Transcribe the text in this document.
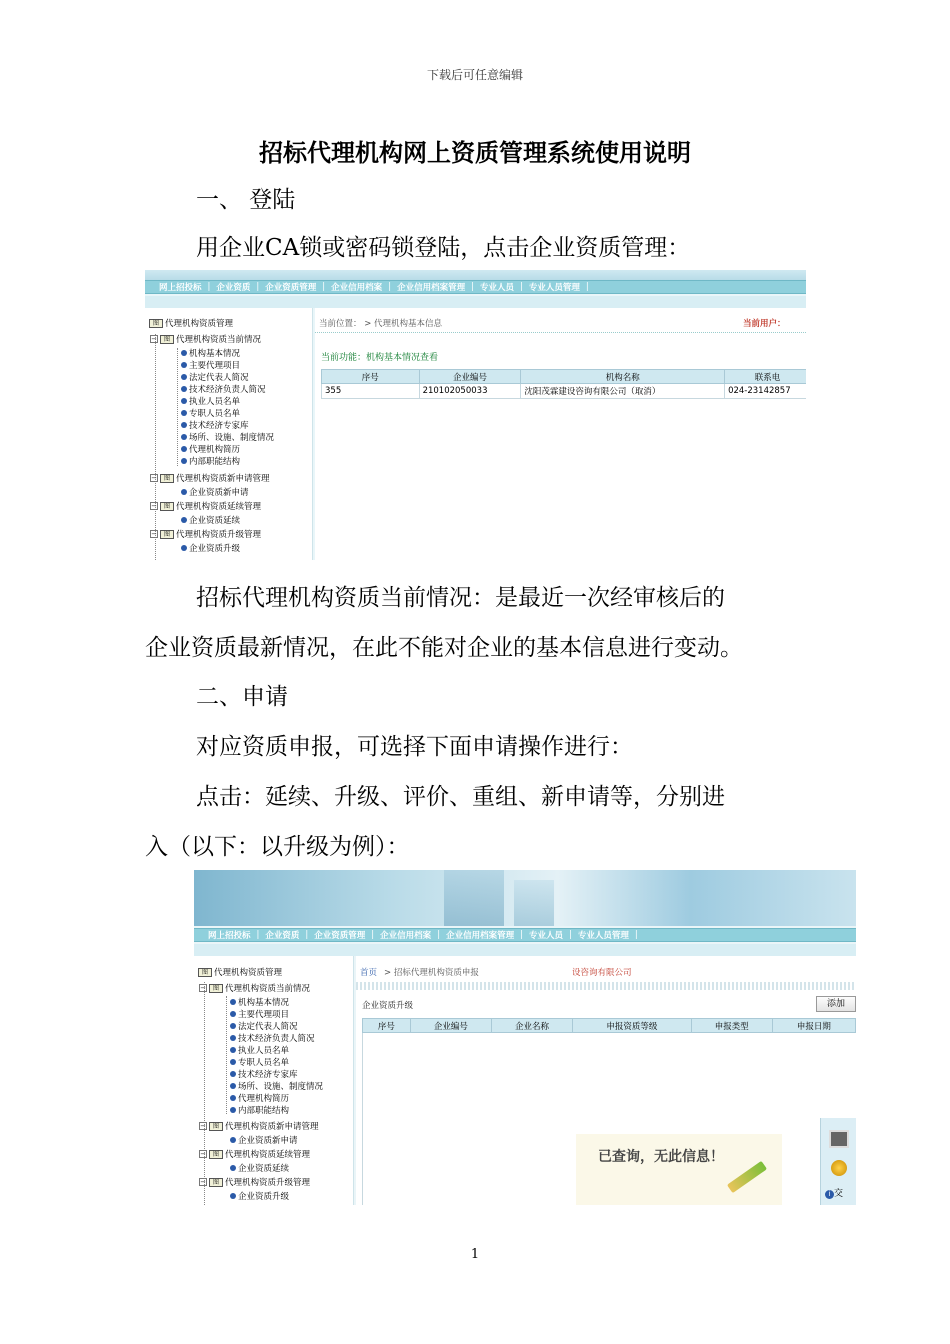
下载后可任意编辑
招标代理机构网上资质管理系统使用说明
一、 登陆
用企业CA锁或密码锁登陆，点击企业资质管理：
网上招投标 | 企业资质 | 企业资质管理 | 企业信用档案 | 企业信用档案管理 | 专业人员 | 专业人员管理 |
图 代理机构资质管理
−	图 代理机构资质当前情况
机构基本情况
主要代理项目
法定代表人简况
技术经济负责人简况
执业人员名单
专职人员名单
技术经济专家库
场所、设施、制度情况
代理机构简历
内部职能结构
−	图 代理机构资质新申请管理
企业资质新申请
−	图 代理机构资质延续管理
企业资质延续
−	图 代理机构资质升级管理
企业资质升级
当前位置： > 代理机构基本信息	当前用户：
当前功能：机构基本情况查看
序号	企业编号	机构名称	联系电
355	210102050033	沈阳茂霖建设咨询有限公司（取消）	024-23142857
招标代理机构资质当前情况：是最近一次经审核后的
企业资质最新情况，在此不能对企业的基本信息进行变动。
二、申请
对应资质申报，可选择下面申请操作进行：
点击：延续、升级、评价、重组、新申请等，分别进
入（以下：以升级为例）：
网上招投标 | 企业资质 | 企业资质管理 | 企业信用档案 | 企业信用档案管理 | 专业人员 | 专业人员管理 |
图 代理机构资质管理
−	图 代理机构资质当前情况
机构基本情况
主要代理项目
法定代表人简况
技术经济负责人简况
执业人员名单
专职人员名单
技术经济专家库
场所、设施、制度情况
代理机构简历
内部职能结构
−	图 代理机构资质新申请管理
企业资质新申请
−	图 代理机构资质延续管理
企业资质延续
−	图 代理机构资质升级管理
企业资质升级
首页 > 招标代理机构资质申报	设咨询有限公司
企业资质升级	添加
序号	企业编号	企业名称	申报资质等级	申报类型	申报日期
已查询，无此信息！
i 交
1
